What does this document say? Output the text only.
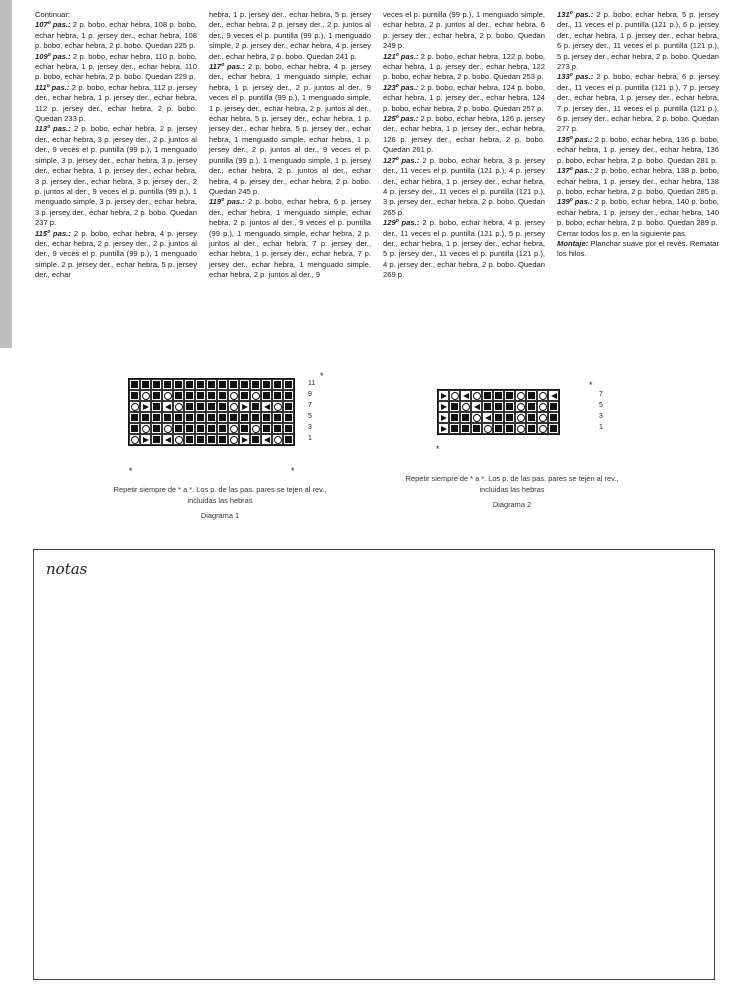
Continuar:

107º pas.: 2 p. bobo, echar hebra, 108 p. bobo, echar hebra, 1 p. jersey der., echar hebra, 108 p. bobo, echar hebra, 2 p. bobo. Quedan 225 p.

109º pas.: 2 p. bobo, echar hebra, 110 p. bobo, echar hebra, 1 p. jersey der., echar hebra, 110 p. bobo, echar hebra, 2 p. bobo. Quedan 229 p.

111º pas.: 2 p. bobo, echar hebra, 112 p. jersey der., echar hebra, 1 p. jersey der., echar hebra, 112 p. jersey der., echar hebra, 2 p. bobo. Quedan 233 p.

113º pas.: 2 p. bobo, echar hebra, 2 p. jersey der., echar hebra, 3 p. jersey der., 2 p. juntos al der., 9 veces el p. puntilla (99 p.), 1 menguado simple, 3 p. jersey der., echar hebra, 3 p. jersey der., echar hebra, 1 p. jersey der., echar hebra, 3 p. jersey der., echar hebra, 3 p. jersey der., 2 p. juntos al der., 9 veces el p. puntilla (99 p.), 1 menguado simple, 3 p. jersey der., echar hebra, 3 p. jersey der., echar hebra, 2 p. bobo. Quedan 237 p.

115º pas.: 2 p. bobo, echar hebra, 4 p. jersey der., echar hebra, 2 p. jersey der., 2 p. juntos al der., 9 veces el p. puntilla (99 p.), 1 menguado simple, 2 p. jersey der., echar hebra, 5 p. jersey der., echar

hebra, 1 p. jersey der., echar hebra, 5 p. jersey der., echar hebra, 2 p. jersey der., 2 p. juntos al der., 9 veces el p. puntilla (99 p.), 1 menguado simple, 2 p. jersey der., echar hebra, 4 p. jersey der., echar hebra, 2 p. bobo. Quedan 241 p.

117º pas.: 2 p. bobo, echar hebra, 4 p. jersey der., echar hebra, 1 menguado simple, echar hebra, 1 p. jersey der., 2 p. juntos al der., 9 veces el p. puntilla (99 p.), 1 menguado simple, 1 p. jersey der., echar hebra, 2 p. juntos al der., echar hebra, 5 p. jersey der., echar hebra, 1 p. jersey der., echar hebra, 5 p. jersey der., echar hebra, 1 menguado simple, echar hebra, 1 p. jersey der., 2 p. juntos al der., 9 veces el p. puntilla (99 p.), 1 menguado simple, 1 p. jersey der., echar hebra, 2 p. juntos al der., echar hebra, 4 p. jersey der., echar hebra, 2 p. bobo. Quedan 245 p.

119º pas.: 2 p. bobo, echar hebra, 6 p. jersey der., echar hebra, 1 menguado simple, echar hebra, 2 p. juntos al der., 9 veces el p. puntilla (99 p.), 1 menguado simple, echar hebra, 2 p. juntos al der., echar hebra, 7 p. jersey der., echar hebra, 1 p. jersey der., echar hebra, 7 p. jersey der., echar hebra, 1 menguado simple, echar hebra, 2 p. juntos al der., 9

veces el p. puntilla (99 p.), 1 menguado simple, echar hebra, 2 p. juntos al der., echar hebra, 6 p. jersey der., echar hebra, 2 p. bobo. Quedan 249 p.

121º pas.: 2 p. bobo, echar hebra, 122 p. bobo, echar hebra, 1 p. jersey der., echar hebra, 122 p. bobo, echar hebra, 2 p. bobo. Quedan 253 p.

123º pas.: 2 p. bobo, echar hebra, 124 p. bobo, echar hebra, 1 p. jersey der., echar hebra, 124 p. bobo, echar hebra, 2 p. bobo. Quedan 257 p.

125º pas.: 2 p. bobo, echar hebra, 126 p. jersey der., echar hebra, 1 p. jersey der., echar hebra, 126 p. jersey der., echar hebra, 2 p. bobo. Quedan 261 p.

127º pas.: 2 p. bobo, echar hebra, 3 p. jersey der., 11 veces el p. puntilla (121 p.), 4 p. jersey der., echar hebra, 1 p. jersey der., echar hebra, 4 p. jersey der., 11 veces el p. puntilla (121 p.), 3 p. jersey der., echar hebra, 2 p. bobo. Quedan 265 p.

129º pas.: 2 p. bobo, echar hebra, 4 p. jersey der., 11 veces el p. puntilla (121 p.), 5 p. jersey der., echar hebra, 1 p. jersey der., echar hebra, 5 p. jersey der., 11 veces el p. puntilla (121 p.), 4 p. jersey der., echar hebra, 2 p. bobo. Quedan 269 p.

131º pas.: 2 p. bobo, echar hebra, 5 p. jersey der., 11 veces el p. puntilla (121 p.), 6 p. jersey der., echar hebra, 1 p. jersey der., echar hebra, 6 p. jersey der., 11 veces el p. puntilla (121 p.), 5 p. jersey der., echar hebra, 2 p. bobo. Quedan 273 p.

133º pas.: 2 p. bobo, echar hebra, 6 p. jersey der., 11 veces el p. puntilla (121 p.), 7 p. jersey der., echar hebra, 1 p. jersey der., echar hebra, 7 p. jersey der., 11 veces el p. puntilla (121 p.), 6 p. jersey der., echar hebra, 2 p. bobo. Quedan 277 p.

135º pas.: 2 p. bobo, echar hebra, 136 p. bobo, echar hebra, 1 p. jersey der., echar hebra, 136 p. bobo, echar hebra, 2 p. bobo. Quedan 281 p.

137º pas.: 2 p. bobo, echar hebra, 138 p. bobo, echar hebra, 1 p. jersey der., echar hebra, 138 p. bobo, echar hebra, 2 p. bobo. Quedan 285 p.

139º pas.: 2 p. bobo, echar hebra, 140 p. bobo, echar hebra, 1 p. jersey der., echar hebra, 140 p. bobo, echar hebra, 2 p. bobo. Quedan 289 p.

Cerrar todos los p. en la siguiente pas.

Montaje: Planchar suave por el revés. Rematar los hilos.

11
9
7
5
3
1
*
*	*
Repetir siempre de * a *. Los p. de las pas. pares se tejen al rev.,
incluidas las hebras
Diagrama 1
7
5
3
1
*
*
Repetir siempre de * a *. Los p. de las pas. pares se tejen al rev.,
incluidas las hebras
Diagrama 2
notas
